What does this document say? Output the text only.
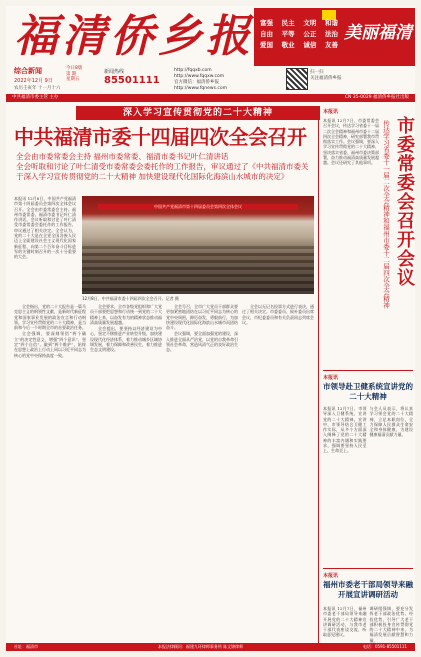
福清侨乡报 富强 民主 文明 和谐
自由 平等 公正 法治
爱国 敬业 诚信 友善
美丽福清
综合新闻
2022年12月 9日
农历壬寅年 十一月十六
今日8版
第 期
星期五
新闻热线
85501111
http://fqqxb.com
http://www.fqqxw.com
官方微信：福清侨乡报
http://www.fqnews.com
扫一扫
关注福清侨乡报
中共福清市委主管 主办	CN 35-0029 福清侨乡报社出版
深入学习宣传贯彻党的二十大精神
中共福清市委十四届四次全会召开

全会由市委常委会主持 福州市委常委、福清市委书记叶仁清讲话

全会听取和讨论了叶仁清受市委常委会委托作的工作报告，审议通过了《中共福清市委关于深入学习宣传贯彻党的二十大精神 加快建设现代化国际化海滨山水城市的决定》

本报讯 12月8日，中国共产党福清市第十四届委员会第四次全体会议召开。全会由市委常委会主持。福州市委常委、福清市委书记叶仁清作讲话。会议听取和讨论了叶仁清受市委常委会委托作的工作报告，审议通过了相关决定。全会认为，党的二十大是在全党全国各族人民迈上全面建设社会主义现代化国家新征程、向第二个百年奋斗目标进军的关键时刻召开的一次十分重要的大会。
中国共产党福清市第十四届委员会第四次全体会议
12月8日，中共福清市委十四届四次全会召开。记者 摄

全会指出，党的二十大报告是一篇马克思主义的纲领性文献，是新时代新征程党和国家事业发展的政治宣言和行动纲领。学习宣传贯彻党的二十大精神，是当前和今后一个时期全市的首要政治任务。

全会强调，要深刻领悟“两个确立”的决定性意义，增强“四个意识”、坚定“四个自信”、做到“两个维护”，始终在思想上政治上行动上同以习近平同志为核心的党中央保持高度一致。

全会要求，全市各级党组织和广大党员干部要把思想和行动统一到党的二十大精神上来，以奋发有为的精神状态推动福清高质量发展超越。

全会提出，要坚持以经济建设为中心，坚定不移推进产业转型升级，加快建设现代化经济体系，着力推动城乡区域协调发展，着力保障和改善民生，着力推进生态文明建设。

全会号召，全市广大党员干部群众要更加紧密地团结在以习近平同志为核心的党中央周围，踔厉奋发、勇毅前行，为加快建设现代化国际化海滨山水城市而团结奋斗。

会议强调，要全面加强党的建设，深入推进全面从严治党，以党的自我革命引领社会革命，营造风清气正的良好政治生态。

全会以无记名投票方式进行表决，通过了相关决定。市委委员、候补委员出席会议，市纪委委员和有关负责同志列席会议。

本报讯
市委常委会召开会议
传达学习省委十一届二次全会精神和福州市委十二届四次全会精神
本报讯 12月7日，市委常委会召开会议，传达学习省委十一届二次全会精神和福州市委十二届四次全会精神，研究部署我市贯彻落实工作。会议强调，要深入学习宣传贯彻党的二十大精神，坚决落实省委、福州市委决策部署，奋力推动福清高质量发展超越。会议还研究了其他事项。
本报讯
市领导赴卫健系统宣讲党的二十大精神
本报讯 12月7日，市领导深入卫健系统，宣讲党的二十大精神。宣讲中，市领导结合卫健工作实际，从多个方面深入阐释了党的二十大精神的丰富内涵和实践要求，强调要坚持人民至上、生命至上。
与会人员表示，将认真学习领会党的二十大精神，立足本职岗位，全力保障人民群众生命安全和身体健康，为建设健康福清贡献力量。
本报讯
福州市委老干部局领导来融开展宣讲调研活动
本报讯 12月7日，福州市委老干部局领导来融开展党的二十大精神宣讲调研活动，与我市老干部代表座谈交流，听取意见建议。
调研组强调，要充分发挥老干部政治优势、经验优势，引导广大老干部积极投身宣传贯彻党的二十大精神中来，为福清发展贡献智慧和力量。
社址：福清市	本报法律顾问：福建九环律师事务所 陈文锦律师	电话：0591-85501111
